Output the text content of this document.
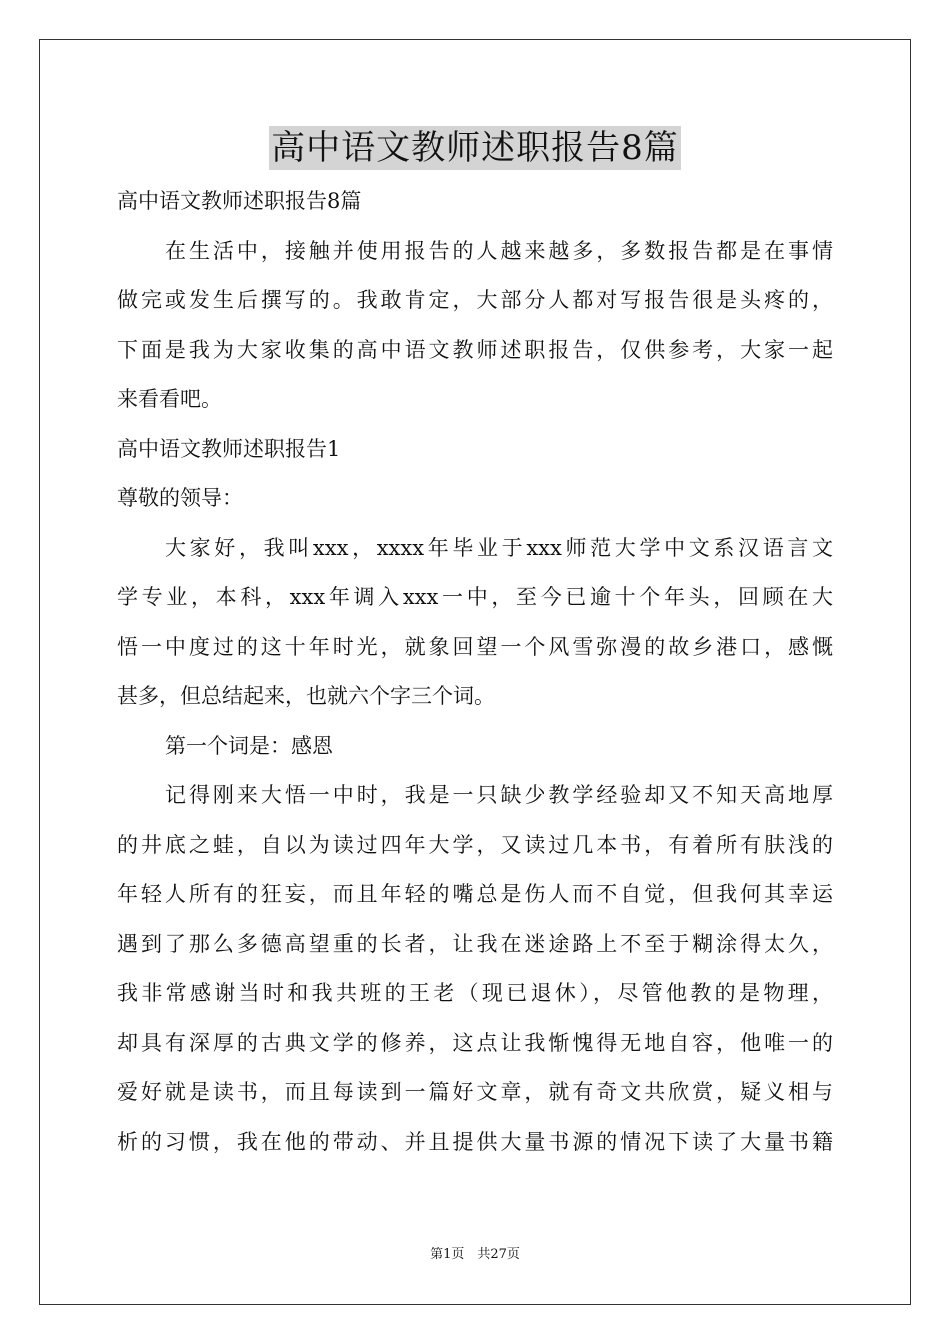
高中语文教师述职报告8篇
高中语文教师述职报告8篇
在生活中，接触并使用报告的人越来越多，多数报告都是在事情
做完或发生后撰写的。我敢肯定，大部分人都对写报告很是头疼的，
下面是我为大家收集的高中语文教师述职报告，仅供参考，大家一起
来看看吧。
高中语文教师述职报告1
尊敬的领导：
大家好，我叫xxx，xxxx年毕业于xxx师范大学中文系汉语言文
学专业，本科，xxx年调入xxx一中，至今已逾十个年头，回顾在大
悟一中度过的这十年时光，就象回望一个风雪弥漫的故乡港口，感慨
甚多，但总结起来，也就六个字三个词。
第一个词是：感恩
记得刚来大悟一中时，我是一只缺少教学经验却又不知天高地厚
的井底之蛙，自以为读过四年大学，又读过几本书，有着所有肤浅的
年轻人所有的狂妄，而且年轻的嘴总是伤人而不自觉，但我何其幸运
遇到了那么多德高望重的长者，让我在迷途路上不至于糊涂得太久，
我非常感谢当时和我共班的王老（现已退休），尽管他教的是物理，
却具有深厚的古典文学的修养，这点让我惭愧得无地自容，他唯一的
爱好就是读书，而且每读到一篇好文章，就有奇文共欣赏，疑义相与
析的习惯，我在他的带动、并且提供大量书源的情况下读了大量书籍
第1页　共27页
